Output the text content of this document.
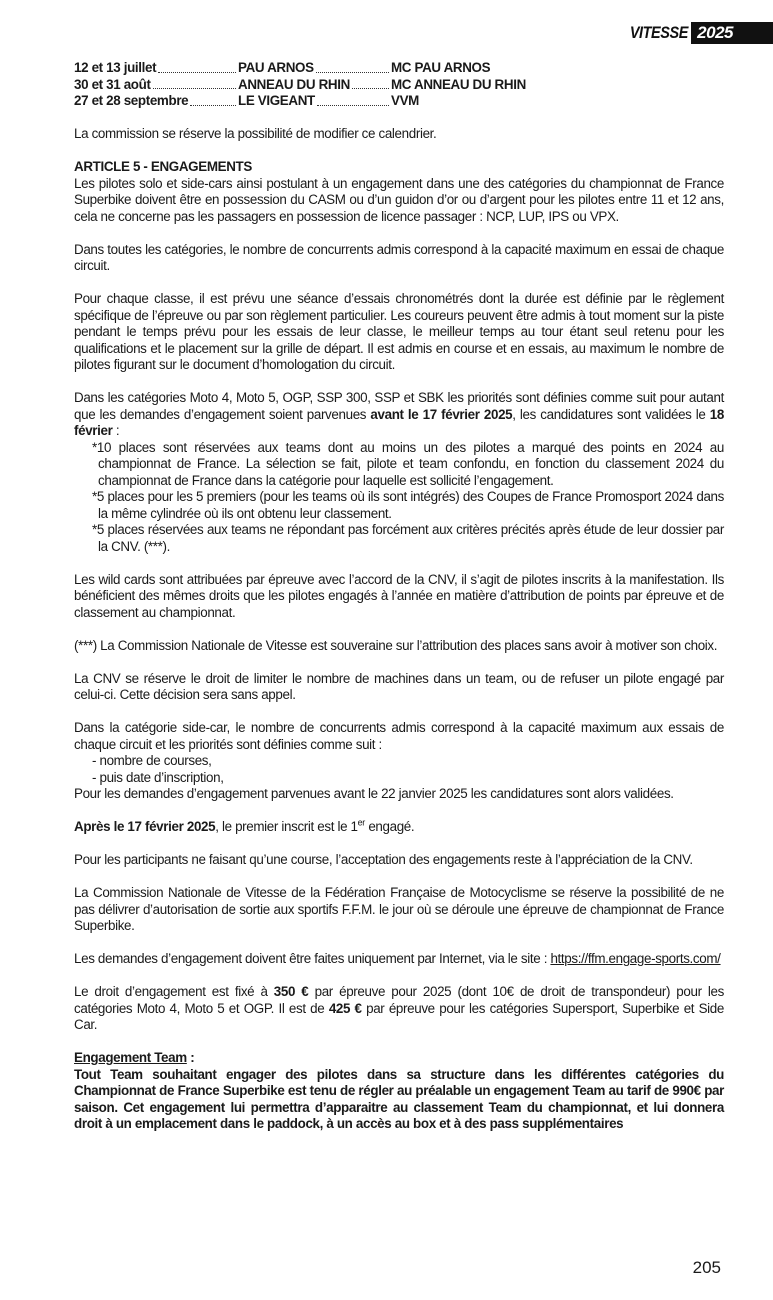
VITESSE 2025
12 et 13 juillet	PAU ARNOS	MC PAU ARNOS
30 et 31 août	ANNEAU DU RHIN	MC ANNEAU DU RHIN
27 et 28 septembre	LE VIGEANT	VVM

La commission se réserve la possibilité de modifier ce calendrier.

ARTICLE 5 - ENGAGEMENTS

Les pilotes solo et side-cars ainsi postulant à un engagement dans une des catégories du championnat de France Superbike doivent être en possession du CASM ou d’un guidon d’or ou d’argent pour les pilotes entre 11 et 12 ans, cela ne concerne pas les passagers en possession de licence passager : NCP, LUP, IPS ou VPX.

Dans toutes les catégories, le nombre de concurrents admis correspond à la capacité maximum en essai de chaque circuit.

Pour chaque classe, il est prévu une séance d’essais chronométrés dont la durée est définie par le règlement spécifique de l’épreuve ou par son règlement particulier. Les coureurs peuvent être admis à tout moment sur la piste pendant le temps prévu pour les essais de leur classe, le meilleur temps au tour étant seul retenu pour les qualifications et le placement sur la grille de départ. Il est admis en course et en essais, au maximum le nombre de pilotes figurant sur le document d’homologation du circuit.

Dans les catégories Moto 4, Moto 5, OGP, SSP 300, SSP et SBK les priorités sont définies comme suit pour autant que les demandes d’engagement soient parvenues avant le 17 février 2025, les candidatures sont validées le 18 février :

*10 places sont réservées aux teams dont au moins un des pilotes a marqué des points en 2024 au championnat de France. La sélection se fait, pilote et team confondu, en fonction du classement 2024 du championnat de France dans la catégorie pour laquelle est sollicité l’engagement.

*5 places pour les 5 premiers (pour les teams où ils sont intégrés) des Coupes de France Promosport 2024 dans la même cylindrée où ils ont obtenu leur classement.

*5 places réservées aux teams ne répondant pas forcément aux critères précités après étude de leur dossier par la CNV. (***).

Les wild cards sont attribuées par épreuve avec l’accord de la CNV, il s’agit de pilotes inscrits à la manifestation. Ils bénéficient des mêmes droits que les pilotes engagés à l’année en matière d’attribution de points par épreuve et de classement au championnat.

(***) La Commission Nationale de Vitesse est souveraine sur l’attribution des places sans avoir à motiver son choix.

La CNV se réserve le droit de limiter le nombre de machines dans un team, ou de refuser un pilote engagé par celui-ci. Cette décision sera sans appel.

Dans la catégorie side-car, le nombre de concurrents admis correspond à la capacité maximum aux essais de chaque circuit et les priorités sont définies comme suit :

- nombre de courses,
- puis date d’inscription,

Pour les demandes d’engagement parvenues avant le 22 janvier 2025 les candidatures sont alors validées.

Après le 17 février 2025, le premier inscrit est le 1er engagé.

Pour les participants ne faisant qu’une course, l’acceptation des engagements reste à l’appréciation de la CNV.

La Commission Nationale de Vitesse de la Fédération Française de Motocyclisme se réserve la possibilité de ne pas délivrer d’autorisation de sortie aux sportifs F.F.M. le jour où se déroule une épreuve de championnat de France Superbike.

Les demandes d’engagement doivent être faites uniquement par Internet, via le site : https://ffm.engage-sports.com/

Le droit d’engagement est fixé à 350 € par épreuve pour 2025 (dont 10€ de droit de transpondeur) pour les catégories Moto 4, Moto 5 et OGP. Il est de 425 € par épreuve pour les catégories Supersport, Superbike et Side Car.

Engagement Team :

Tout Team souhaitant engager des pilotes dans sa structure dans les différentes catégories du Championnat de France Superbike est tenu de régler au préalable un engagement Team au tarif de 990€ par saison. Cet engagement lui permettra d’apparaitre au classement Team du championnat, et lui donnera droit à un emplacement dans le paddock, à un accès au box et à des pass supplémentaires

205
